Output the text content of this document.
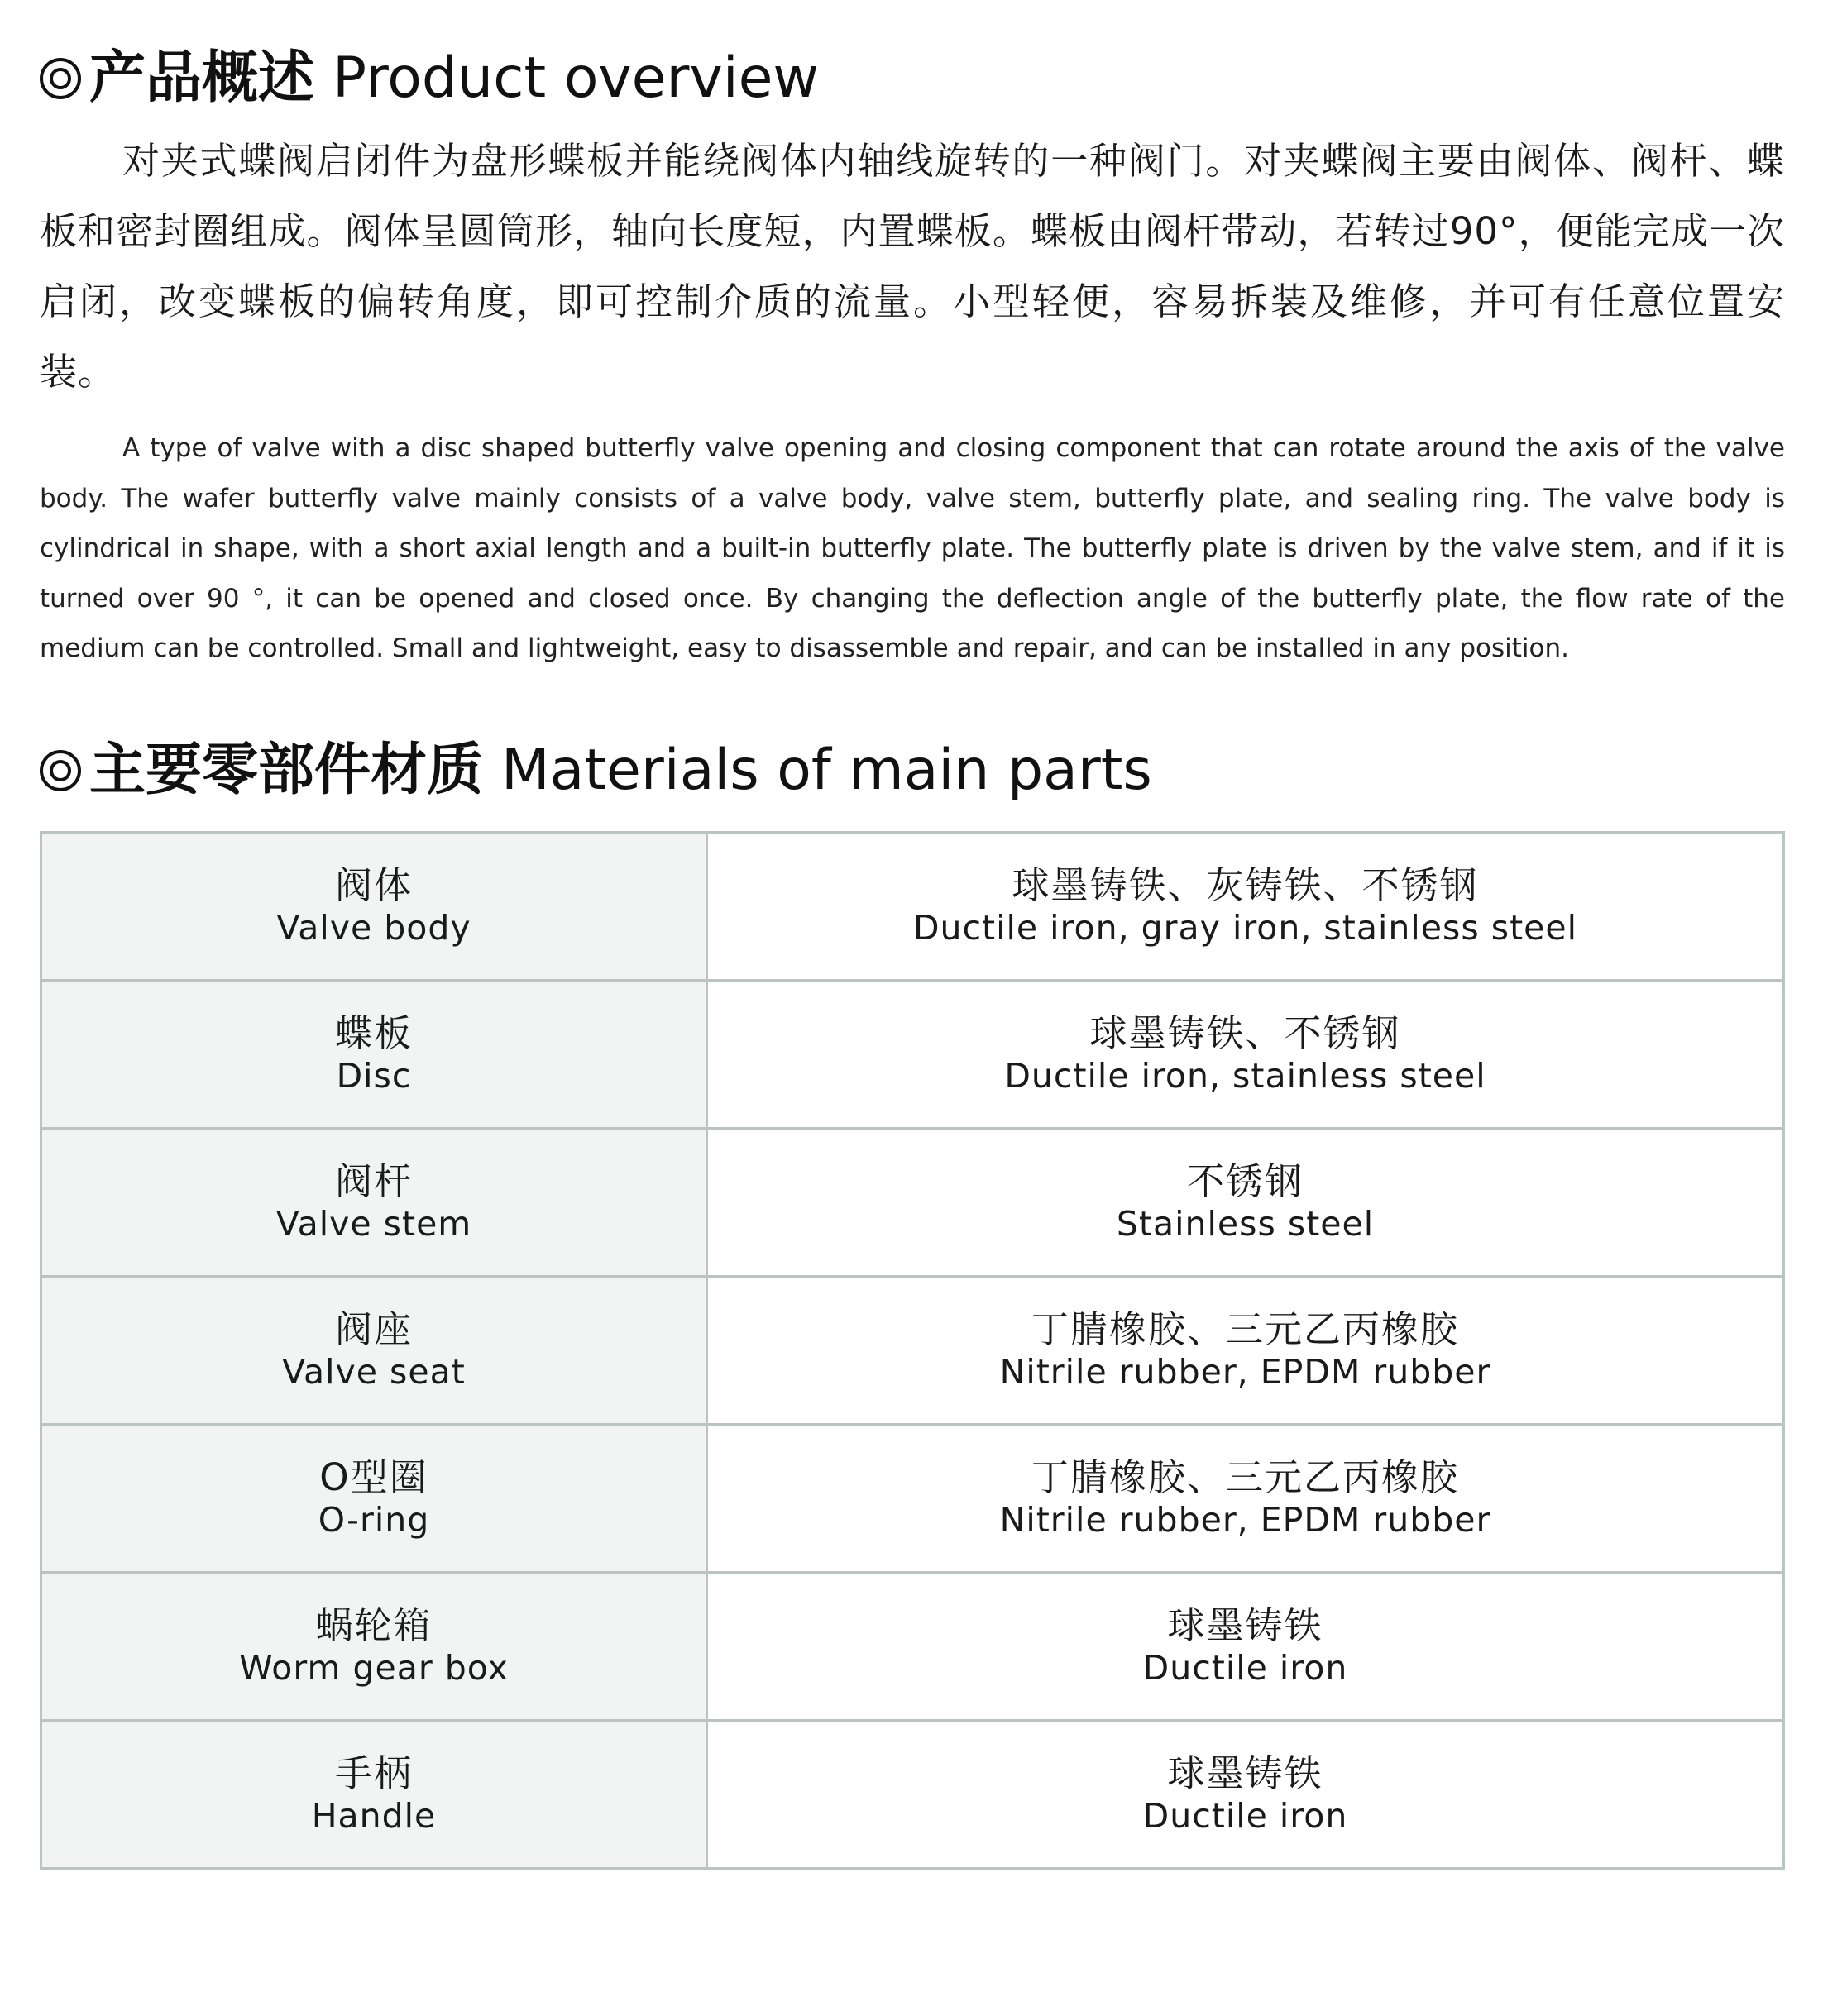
产品概述 Product overview

对夹式蝶阀启闭件为盘形蝶板并能绕阀体内轴线旋转的一种阀门。对夹蝶阀主要由阀体、阀杆、蝶板和密封圈组成。阀体呈圆筒形，轴向长度短，内置蝶板。蝶板由阀杆带动，若转过90°，便能完成一次启闭，改变蝶板的偏转角度，即可控制介质的流量。小型轻便，容易拆装及维修，并可有任意位置安装。

A type of valve with a disc shaped butterfly valve opening and closing component that can rotate around the axis of the valve body. The wafer butterfly valve mainly consists of a valve body, valve stem, butterfly plate, and sealing ring. The valve body is cylindrical in shape, with a short axial length and a built-in butterfly plate. The butterfly plate is driven by the valve stem, and if it is turned over 90 °, it can be opened and closed once. By changing the deflection angle of the butterfly plate, the flow rate of the medium can be controlled. Small and lightweight, easy to disassemble and repair, and can be installed in any position.

主要零部件材质 Materials of main parts
阀体
Valve body	球墨铸铁、灰铸铁、不锈钢
Ductile iron, gray iron, stainless steel

蝶板
Disc	球墨铸铁、不锈钢
Ductile iron, stainless steel

阀杆
Valve stem	不锈钢
Stainless steel

阀座
Valve seat	丁腈橡胶、三元乙丙橡胶
Nitrile rubber, EPDM rubber

O型圈
O-ring	丁腈橡胶、三元乙丙橡胶
Nitrile rubber, EPDM rubber

蜗轮箱
Worm gear box	球墨铸铁
Ductile iron

手柄
Handle	球墨铸铁
Ductile iron
